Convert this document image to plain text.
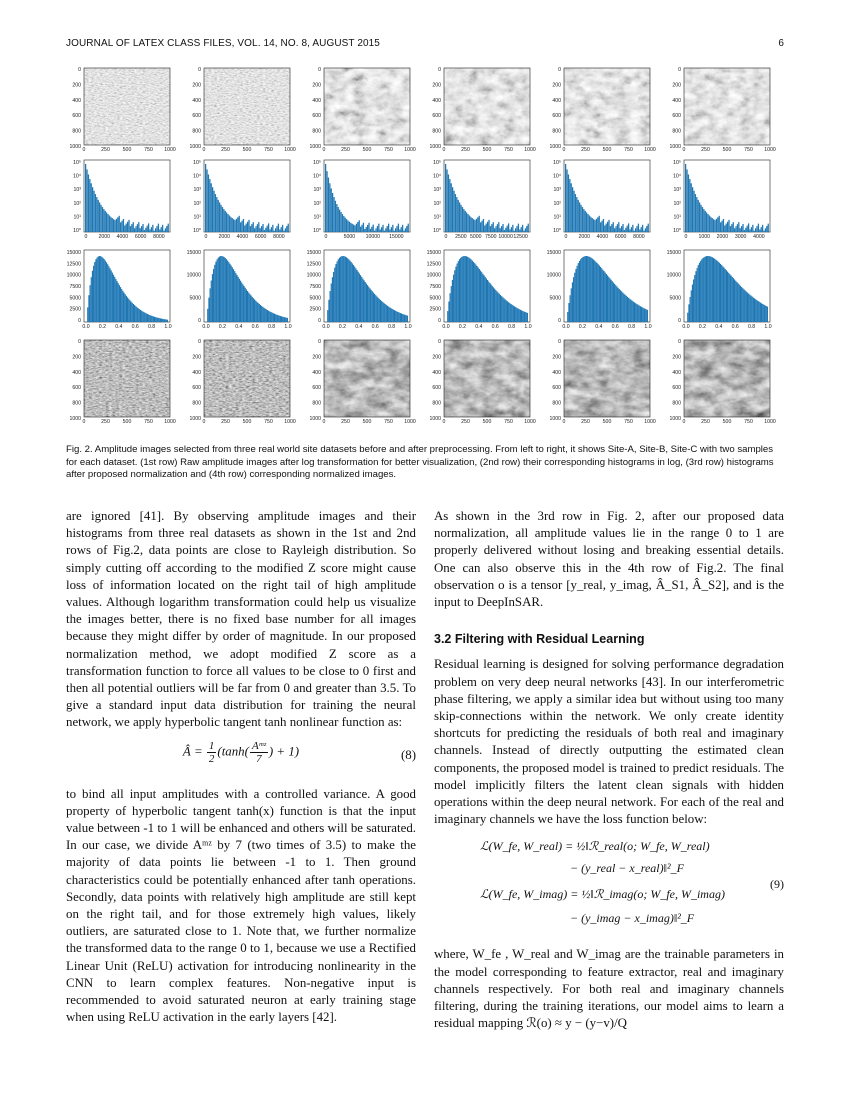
JOURNAL OF LATEX CLASS FILES, VOL. 14, NO. 8, AUGUST 2015	6
0
200
400
600
800
1000 0	250 500 750 1000
0
200
400
600
800
1000 0	250 500 750 1000
0
200
400
600
800
1000 0	250 500 750 1000
0
200
400
600
800
1000 0	250 500 750 1000
0
200
400
600
800
1000 0	250 500 750 1000
0
200
400
600
800
1000 0	250 500 750 1000
10⁵
10⁴
10³
10²
10¹
10⁰
0 2000 4000 6000 8000
10⁵
10⁴
10³
10²
10¹
10⁰
0 2000 4000 6000 8000
10⁵
10⁴
10³
10²
10¹
10⁰
0	5000 10000 15000
10⁵
10⁴
10³
10²
10¹
10⁰
0 2500 5000 7500 10000 12500
10⁵
10⁴
10³
10²
10¹
10⁰
0 2000 4000 6000 8000
10⁵
10⁴
10³
10²
10¹
10⁰
0 1000 2000 3000 4000
15000
12500
10000
7500
5000
2500
0
0.0 0.2 0.4 0.6 0.8 1.0
15000
10000
5000
0
0.0 0.2 0.4 0.6 0.8 1.0
15000
12500
10000
7500
5000
2500
0
0.0 0.2 0.4 0.6 0.8 1.0
15000
12500
10000
7500
5000
2500
0
0.0 0.2 0.4 0.6 0.8 1.0
15000
10000
5000
0
0.0 0.2 0.4 0.6 0.8 1.0
15000
10000
5000
0
0.0 0.2 0.4 0.6 0.8 1.0
0
200
400
600
800
1000 0	250 500 750 1000
0
200
400
600
800
1000 0	250 500 750 1000
0
200
400
600
800
1000 0	250 500 750 1000
0
200
400
600
800
1000 0	250 500 750 1000
0
200
400
600
800
1000 0	250 500 750 1000
0
200
400
600
800
1000 0	250 500 750 1000
Fig. 2. Amplitude images selected from three real world site datasets before and after preprocessing. From left to right, it shows Site-A, Site-B, Site-C with two samples for each dataset. (1st row) Raw amplitude images after log transformation for better visualization, (2nd row) their corresponding histograms in log, (3rd row) histograms after proposed normalization and (4th row) corresponding normalized images.

are ignored [41]. By observing amplitude images and their histograms from three real datasets as shown in the 1st and 2nd rows of Fig.2, data points are close to Rayleigh distribution. So simply cutting off according to the modified Z score might cause loss of information located on the right tail of high amplitude values. Although logarithm transformation could help us visualize the images better, there is no fixed base number for all images because they might differ by order of magnitude. In our proposed normalization method, we adopt modified Z score as a transformation function to force all values to be close to 0 first and then all potential outliers will be far from 0 and greater than 3.5. To give a standard input data distribution for training the neural network, we apply hyperbolic tangent tanh nonlinear function as:

Â = $\frac{1}{2} (\tanh( \frac{\text{Aᵐᶻ}}{7}$ ) + 1)	(8)

to bind all input amplitudes with a controlled variance. A good property of hyperbolic tangent tanh(x) function is that the input value between -1 to 1 will be enhanced and others will be saturated. In our case, we divide Aᵐᶻ by 7 (two times of 3.5) to make the majority of data points lie between -1 to 1. Then ground characteristics could be potentially enhanced after tanh operations. Secondly, data points with relatively high amplitude are still kept on the right tail, and for those extremely high values, likely outliers, are saturated close to 1. Note that, we further normalize the transformed data to the range 0 to 1, because we use a Rectified Linear Unit (ReLU) activation for introducing nonlinearity in the CNN to learn complex features. Non-negative input is recommended to avoid saturated neuron at early training stage when using ReLU activation in the early layers [42].

As shown in the 3rd row in Fig. 2, after our proposed data normalization, all amplitude values lie in the range 0 to 1 are properly delivered without losing and breaking essential details. One can also observe this in the 4th row of Fig.2. The final observation o is a tensor [y_real, y_imag, Â_S1, Â_S2], and is the input to DeepInSAR.

3.2 Filtering with Residual Learning

Residual learning is designed for solving performance degradation problem on very deep neural networks [43]. In our interferometric phase filtering, we apply a similar idea but without using too many skip-connections within the network. We only create identity shortcuts for predicting the residuals of both real and imaginary channels. Instead of directly outputting the estimated clean components, the proposed model is trained to predict residuals. The model implicitly filters the latent clean signals with hidden operations within the deep neural network. For each of the real and imaginary channels we have the loss function below:

ℒ(W_fe, W_real) = ½‖ℛ_real(o; W_fe, W_real)
− (y_real − x_real)‖²_F
ℒ(W_fe, W_imag) = ½‖ℛ_imag(o; W_fe, W_imag)
− (y_imag − x_imag)‖²_F
(9)

where, W_fe , W_real and W_imag are the trainable parameters in the model corresponding to feature extractor, real and imaginary channels respectively. For both real and imaginary channels filtering, during the training iterations, our model aims to learn a residual mapping ℛ(o) ≈ y − (y−v)/Q
